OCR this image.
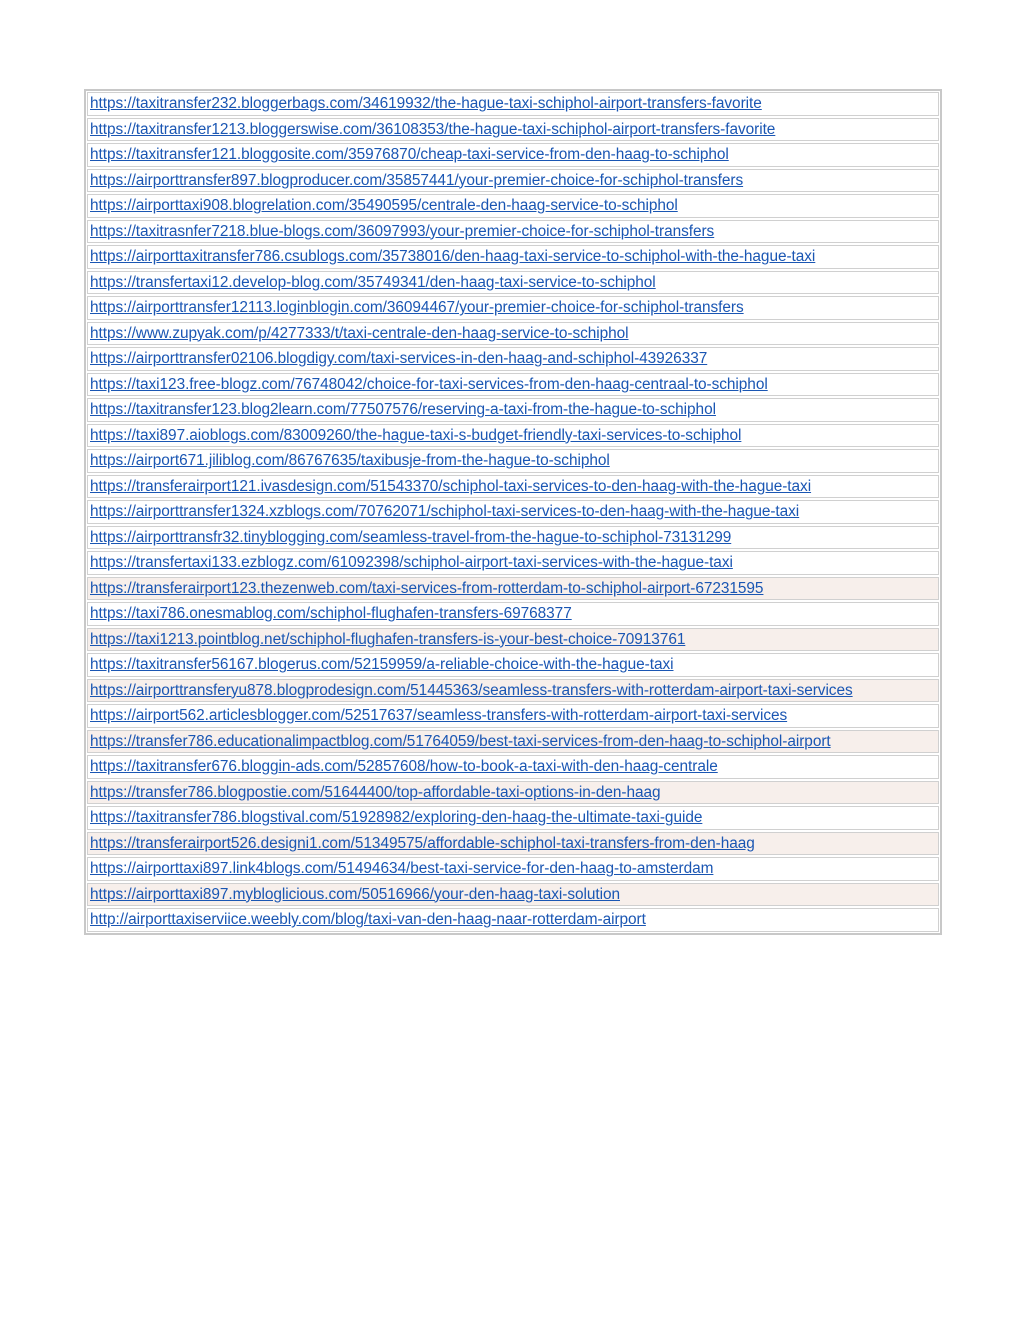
https://taxitransfer232.bloggerbags.com/34619932/the-hague-taxi-schiphol-airport-transfers-favorite
https://taxitransfer1213.bloggerswise.com/36108353/the-hague-taxi-schiphol-airport-transfers-favorite
https://taxitransfer121.bloggosite.com/35976870/cheap-taxi-service-from-den-haag-to-schiphol
https://airporttransfer897.blogproducer.com/35857441/your-premier-choice-for-schiphol-transfers
https://airporttaxi908.blogrelation.com/35490595/centrale-den-haag-service-to-schiphol
https://taxitrasnfer7218.blue-blogs.com/36097993/your-premier-choice-for-schiphol-transfers
https://airporttaxitransfer786.csublogs.com/35738016/den-haag-taxi-service-to-schiphol-with-the-hague-taxi
https://transfertaxi12.develop-blog.com/35749341/den-haag-taxi-service-to-schiphol
https://airporttransfer12113.loginblogin.com/36094467/your-premier-choice-for-schiphol-transfers
https://www.zupyak.com/p/4277333/t/taxi-centrale-den-haag-service-to-schiphol
https://airporttransfer02106.blogdigy.com/taxi-services-in-den-haag-and-schiphol-43926337
https://taxi123.free-blogz.com/76748042/choice-for-taxi-services-from-den-haag-centraal-to-schiphol
https://taxitransfer123.blog2learn.com/77507576/reserving-a-taxi-from-the-hague-to-schiphol
https://taxi897.aioblogs.com/83009260/the-hague-taxi-s-budget-friendly-taxi-services-to-schiphol
https://airport671.jiliblog.com/86767635/taxibusje-from-the-hague-to-schiphol
https://transferairport121.ivasdesign.com/51543370/schiphol-taxi-services-to-den-haag-with-the-hague-taxi
https://airporttransfer1324.xzblogs.com/70762071/schiphol-taxi-services-to-den-haag-with-the-hague-taxi
https://airporttransfr32.tinyblogging.com/seamless-travel-from-the-hague-to-schiphol-73131299
https://transfertaxi133.ezblogz.com/61092398/schiphol-airport-taxi-services-with-the-hague-taxi
https://transferairport123.thezenweb.com/taxi-services-from-rotterdam-to-schiphol-airport-67231595
https://taxi786.onesmablog.com/schiphol-flughafen-transfers-69768377
https://taxi1213.pointblog.net/schiphol-flughafen-transfers-is-your-best-choice-70913761
https://taxitransfer56167.blogerus.com/52159959/a-reliable-choice-with-the-hague-taxi
https://airporttransferyu878.blogprodesign.com/51445363/seamless-transfers-with-rotterdam-airport-taxi-services
https://airport562.articlesblogger.com/52517637/seamless-transfers-with-rotterdam-airport-taxi-services
https://transfer786.educationalimpactblog.com/51764059/best-taxi-services-from-den-haag-to-schiphol-airport
https://taxitransfer676.bloggin-ads.com/52857608/how-to-book-a-taxi-with-den-haag-centrale
https://transfer786.blogpostie.com/51644400/top-affordable-taxi-options-in-den-haag
https://taxitransfer786.blogstival.com/51928982/exploring-den-haag-the-ultimate-taxi-guide
https://transferairport526.designi1.com/51349575/affordable-schiphol-taxi-transfers-from-den-haag
https://airporttaxi897.link4blogs.com/51494634/best-taxi-service-for-den-haag-to-amsterdam
https://airporttaxi897.mybloglicious.com/50516966/your-den-haag-taxi-solution
http://airporttaxiserviice.weebly.com/blog/taxi-van-den-haag-naar-rotterdam-airport
